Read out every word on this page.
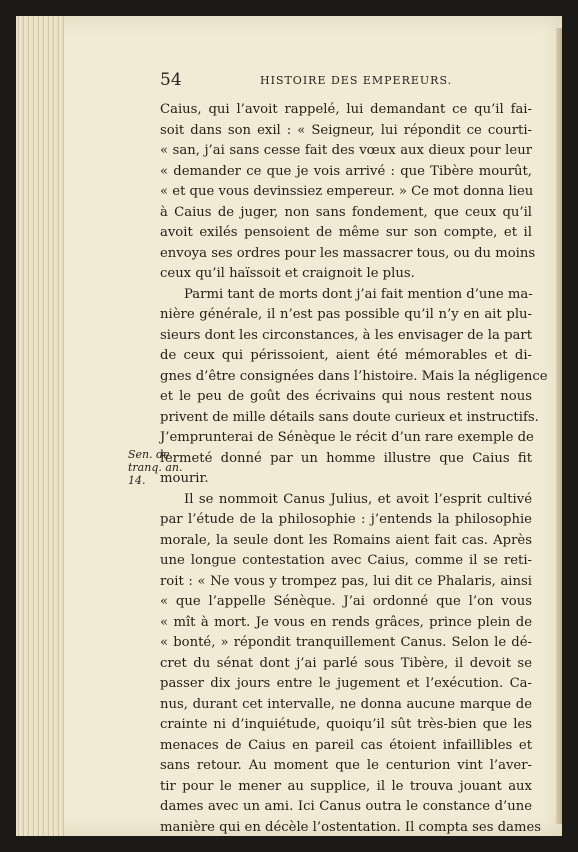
54	HISTOIRE DES EMPEREURS.
Sen. de
tranq. an.
14.

Caius, qui l’avoit rappelé, lui demandant ce qu’il fai-
soit dans son exil : « Seigneur, lui répondit ce courti-
« san, j’ai sans cesse fait des vœux aux dieux pour leur
« demander ce que je vois arrivé : que Tibère mourût,
« et que vous devinssiez empereur. » Ce mot donna lieu
à Caius de juger, non sans fondement, que ceux qu’il
avoit exilés pensoient de même sur son compte, et il
envoya ses ordres pour les massacrer tous, ou du moins
ceux qu’il haïssoit et craignoit le plus.

Parmi tant de morts dont j’ai fait mention d’une ma-
nière générale, il n’est pas possible qu’il n’y en ait plu-
sieurs dont les circonstances, à les envisager de la part
de ceux qui périssoient, aient été mémorables et di-
gnes d’être consignées dans l’histoire. Mais la négligence
et le peu de goût des écrivains qui nous restent nous
privent de mille détails sans doute curieux et instructifs.
J’emprunterai de Sénèque le récit d’un rare exemple de
fermeté donné par un homme illustre que Caius fit
mourir.

Il se nommoit Canus Julius, et avoit l’esprit cultivé
par l’étude de la philosophie : j’entends la philosophie
morale, la seule dont les Romains aient fait cas. Après
une longue contestation avec Caius, comme il se reti-
roit : « Ne vous y trompez pas, lui dit ce Phalaris, ainsi
« que l’appelle Sénèque. J’ai ordonné que l’on vous
« mît à mort. Je vous en rends grâces, prince plein de
« bonté, » répondit tranquillement Canus. Selon le dé-
cret du sénat dont j’ai parlé sous Tibère, il devoit se
passer dix jours entre le jugement et l’exécution. Ca-
nus, durant cet intervalle, ne donna aucune marque de
crainte ni d’inquiétude, quoiqu’il sût très-bien que les
menaces de Caius en pareil cas étoient infaillibles et
sans retour. Au moment que le centurion vint l’aver-
tir pour le mener au supplice, il le trouva jouant aux
dames avec un ami. Ici Canus outra le constance d’une
manière qui en décèle l’ostentation. Il compta ses dames
